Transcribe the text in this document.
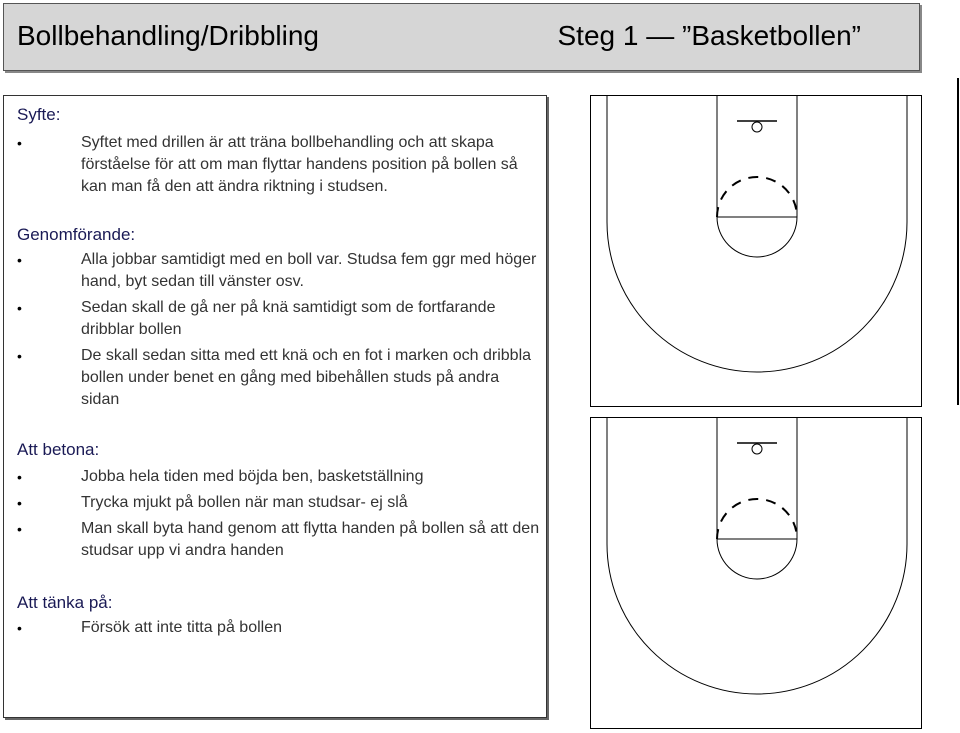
Bollbehandling/Dribbling	Steg 1 — ”Basketbollen”
Syfte:
•	Syftet med drillen är att träna bollbehandling och att skapa förståelse för att om man flyttar handens position på bollen så kan man få den att ändra riktning i studsen.
Genomförande:
•	Alla jobbar samtidigt med en boll var. Studsa fem ggr med höger hand, byt sedan till vänster osv.
•	Sedan skall de gå ner på knä samtidigt som de fortfarande dribblar bollen
•	De skall sedan sitta med ett knä och en fot i marken och dribbla bollen under benet en gång med bibehållen studs på andra sidan
Att betona:
•	Jobba hela tiden med böjda ben, basketställning
•	Trycka mjukt på bollen när man studsar- ej slå
•	Man skall byta hand genom att flytta handen på bollen så att den studsar upp vi andra handen
Att tänka på:
•	Försök att inte titta på bollen
